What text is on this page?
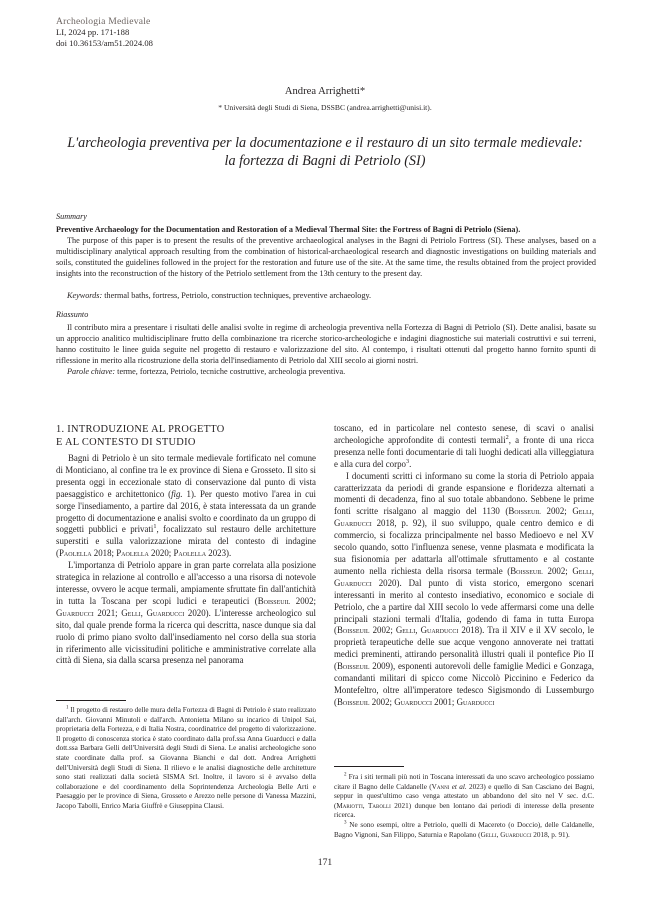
Archeologia Medievale
LI, 2024 pp. 171-188
doi 10.36153/am51.2024.08
Andrea Arrighetti*
* Università degli Studi di Siena, DSSBC (andrea.arrighetti@unisi.it).
L'archeologia preventiva per la documentazione e il restauro di un sito termale medievale:
la fortezza di Bagni di Petriolo (SI)
Summary
Preventive Archaeology for the Documentation and Restoration of a Medieval Thermal Site: the Fortress of Bagni di Petriolo (Siena).
The purpose of this paper is to present the results of the preventive archaeological analyses in the Bagni di Petriolo Fortress (SI). These analyses, based on a multidisciplinary analytical approach resulting from the combination of historical-archaeological research and diagnostic investigations on building materials and soils, constituted the guidelines followed in the project for the restoration and future use of the site. At the same time, the results obtained from the project provided insights into the reconstruction of the history of the Petriolo settlement from the 13th century to the present day.
Keywords: thermal baths, fortress, Petriolo, construction techniques, preventive archaeology.
Riassunto
Il contributo mira a presentare i risultati delle analisi svolte in regime di archeologia preventiva nella Fortezza di Bagni di Petriolo (SI). Dette analisi, basate su un approccio analitico multidisciplinare frutto della combinazione tra ricerche storico-archeologiche e indagini diagnostiche sui materiali costruttivi e sui terreni, hanno costituito le linee guida seguite nel progetto di restauro e valorizzazione del sito. Al contempo, i risultati ottenuti dal progetto hanno fornito spunti di riflessione in merito alla ricostruzione della storia dell'insediamento di Petriolo dal XIII secolo ai giorni nostri.
Parole chiave: terme, fortezza, Petriolo, tecniche costruttive, archeologia preventiva.
1. INTRODUZIONE AL PROGETTO
E AL CONTESTO DI STUDIO

Bagni di Petriolo è un sito termale medievale fortificato nel comune di Monticiano, al confine tra le ex province di Siena e Grosseto. Il sito si presenta oggi in eccezionale stato di conservazione dal punto di vista paesaggistico e architettonico (fig. 1). Per questo motivo l'area in cui sorge l'insediamento, a partire dal 2016, è stata interessata da un grande progetto di documentazione e analisi svolto e coordinato da un gruppo di soggetti pubblici e privati$^1$, focalizzato sul restauro delle architetture superstiti e sulla valorizzazione mirata del contesto di indagine (Paolella 2018; Paolella 2020; Paolella 2023).

L'importanza di Petriolo appare in gran parte correlata alla posizione strategica in relazione al controllo e all'accesso a una risorsa di notevole interesse, ovvero le acque termali, ampiamente sfruttate fin dall'antichità in tutta la Toscana per scopi ludici e terapeutici (Boisseuil 2002; Guarducci 2021; Gelli, Guarducci 2020). L'interesse archeologico sul sito, dal quale prende forma la ricerca qui descritta, nasce dunque sia dal ruolo di primo piano svolto dall'insediamento nel corso della sua storia in riferimento alle vicissitudini politiche e amministrative correlate alla città di Siena, sia dalla scarsa presenza nel panorama

toscano, ed in particolare nel contesto senese, di scavi o analisi archeologiche approfondite di contesti termali$^2$, a fronte di una ricca presenza nelle fonti documentarie di tali luoghi dedicati alla villeggiatura e alla cura del corpo$^3$.

I documenti scritti ci informano su come la storia di Petriolo appaia caratterizzata da periodi di grande espansione e floridezza alternati a momenti di decadenza, fino al suo totale abbandono. Sebbene le prime fonti scritte risalgano al maggio del 1130 (Boisseuil 2002; Gelli, Guarducci 2018, p. 92), il suo sviluppo, quale centro demico e di commercio, si focalizza principalmente nel basso Medioevo e nel XV secolo quando, sotto l'influenza senese, venne plasmata e modificata la sua fisionomia per adattarla all'ottimale sfruttamento e al costante aumento nella richiesta della risorsa termale (Boisseuil 2002; Gelli, Guarducci 2020). Dal punto di vista storico, emergono scenari interessanti in merito al contesto insediativo, economico e sociale di Petriolo, che a partire dal XIII secolo lo vede affermarsi come una delle principali stazioni termali d'Italia, godendo di fama in tutta Europa (Boisseuil 2002; Gelli, Guarducci 2018). Tra il XIV e il XV secolo, le proprietà terapeutiche delle sue acque vengono annoverate nei trattati medici preminenti, attirando personalità illustri quali il pontefice Pio II (Boisseuil 2009), esponenti autorevoli delle famiglie Medici e Gonzaga, comandanti militari di spicco come Niccolò Piccinino e Federico da Montefeltro, oltre all'imperatore tedesco Sigismondo di Lussemburgo (Boisseuil 2002; Guarducci 2001; Guarducci

$^1$ Il progetto di restauro delle mura della Fortezza di Bagni di Petriolo è stato realizzato dall'arch. Giovanni Minutoli e dall'arch. Antonietta Milano su incarico di Unipol Sai, proprietaria della Fortezza, e di Italia Nostra, coordinatrice del progetto di valorizzazione. Il progetto di conoscenza storica è stato coordinato dalla prof.ssa Anna Guarducci e dalla dott.ssa Barbara Gelli dell'Università degli Studi di Siena. Le analisi archeologiche sono state coordinate dalla prof. sa Giovanna Bianchi e dal dott. Andrea Arrighetti dell'Università degli Studi di Siena. Il rilievo e le analisi diagnostiche delle architetture sono stati realizzati dalla società SISMA Srl. Inoltre, il lavoro si è avvalso della collaborazione e del coordinamento della Soprintendenza Archeologia Belle Arti e Paesaggio per le province di Siena, Grosseto e Arezzo nelle persone di Vanessa Mazzini, Jacopo Tabolli, Enrico Maria Giuffrè e Giuseppina Clausi.

$^2$ Fra i siti termali più noti in Toscana interessati da uno scavo archeologico possiamo citare il Bagno delle Caldanelle (Vanni et al. 2023) e quello di San Casciano dei Bagni, seppur in quest'ultimo caso venga attestato un abbandono del sito nel V sec. d.C. (Mariotti, Tabolli 2021) dunque ben lontano dai periodi di interesse della presente ricerca.

$^3$ Ne sono esempi, oltre a Petriolo, quelli di Macereto (o Doccio), delle Caldanelle, Bagno Vignoni, San Filippo, Saturnia e Rapolano (Gelli, Guarducci 2018, p. 91).

171
